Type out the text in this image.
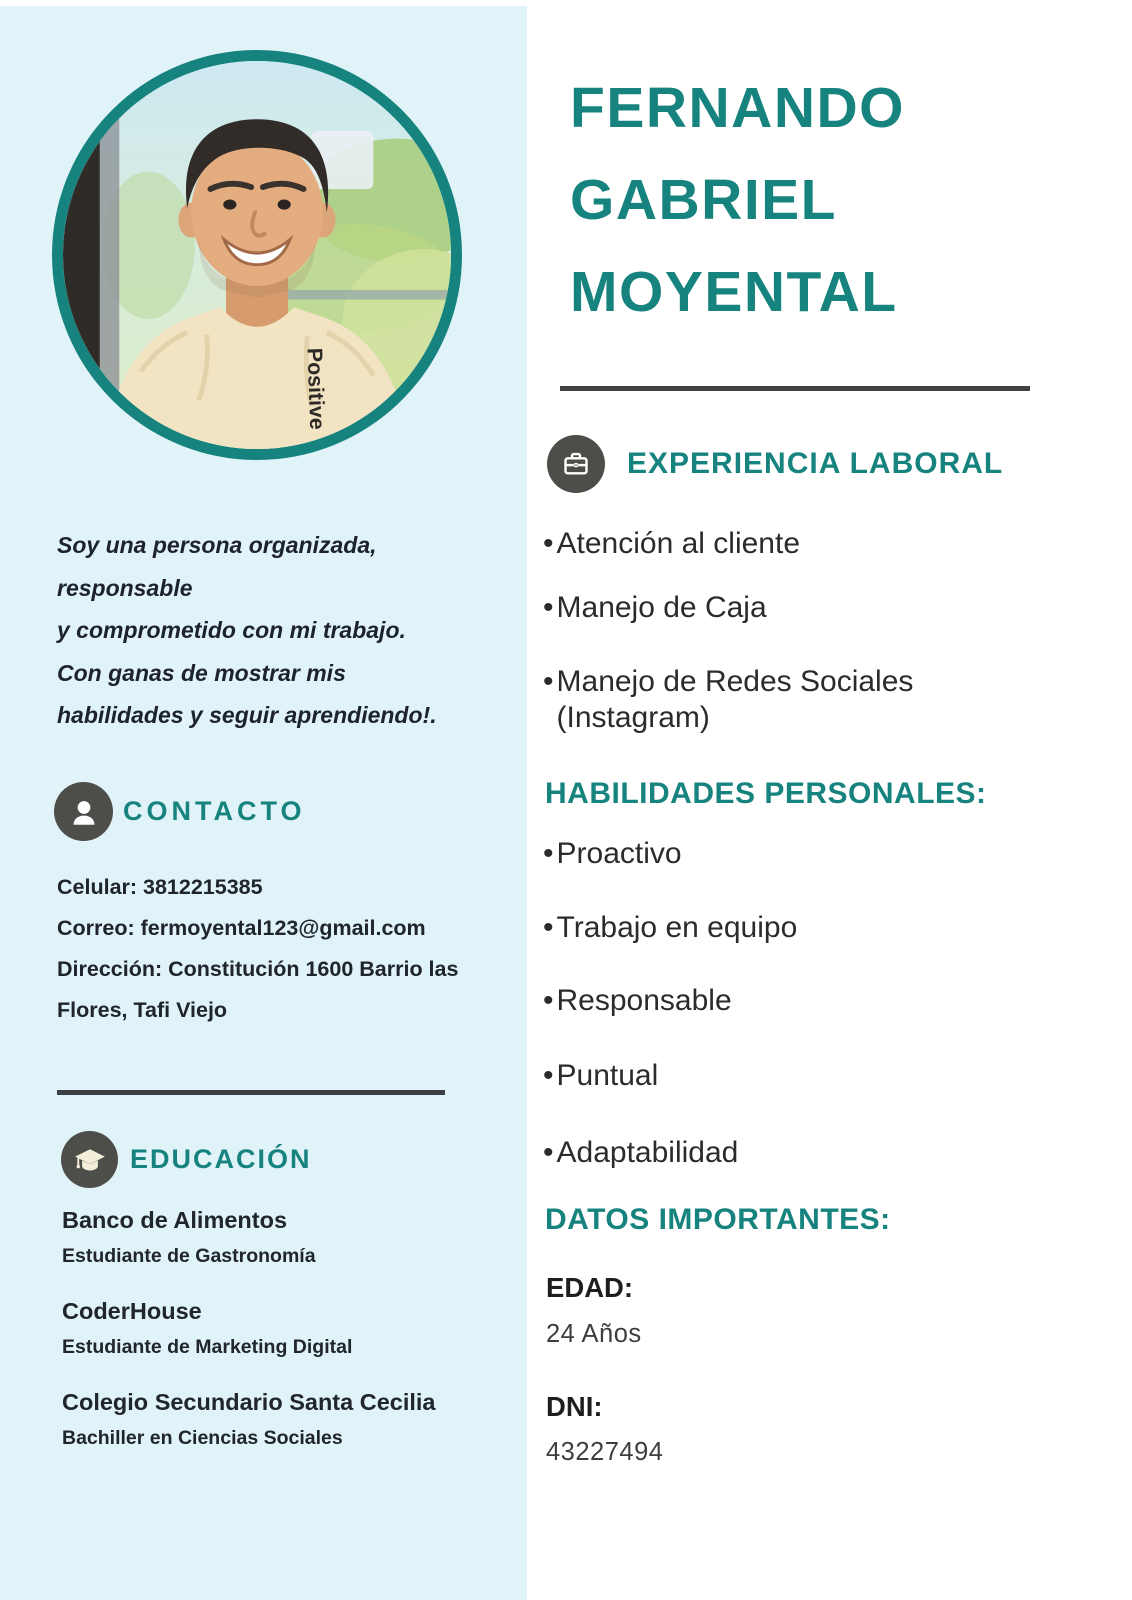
Positive
Soy una persona organizada,
responsable
y comprometido con mi trabajo.
Con ganas de mostrar mis
habilidades y seguir aprendiendo!.
CONTACTO
Celular: 3812215385
Correo: fermoyental123@gmail.com
Dirección: Constitución 1600 Barrio las
Flores, Tafi Viejo
EDUCACIÓN
Banco de Alimentos
Estudiante de Gastronomía
CoderHouse
Estudiante de Marketing Digital
Colegio Secundario Santa Cecilia
Bachiller en Ciencias Sociales
FERNANDO
GABRIEL
MOYENTAL
EXPERIENCIA LABORAL
• Atención al cliente
• Manejo de Caja
• Manejo de Redes Sociales (Instagram)
HABILIDADES PERSONALES:
• Proactivo
• Trabajo en equipo
• Responsable
• Puntual
• Adaptabilidad
DATOS IMPORTANTES:
EDAD:
24 Años
DNI:
43227494
